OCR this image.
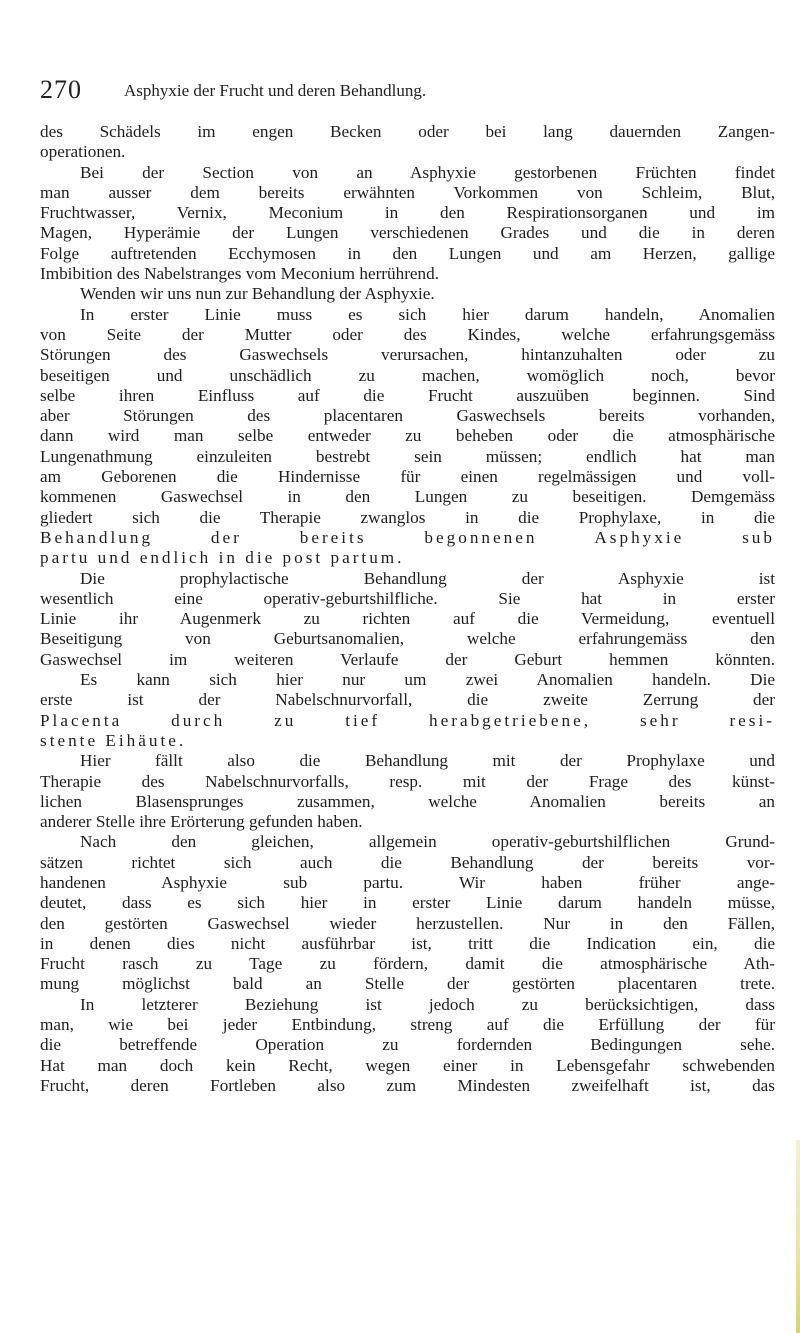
270 Asphyxie der Frucht und deren Behandlung.
des Schädels im engen Becken oder bei lang dauernden Zangen-
operationen.
Bei der Section von an Asphyxie gestorbenen Früchten findet
man ausser dem bereits erwähnten Vorkommen von Schleim, Blut,
Fruchtwasser, Vernix, Meconium in den Respirationsorganen und im
Magen, Hyperämie der Lungen verschiedenen Grades und die in deren
Folge auftretenden Ecchymosen in den Lungen und am Herzen, gallige
Imbibition des Nabelstranges vom Meconium herrührend.
Wenden wir uns nun zur Behandlung der Asphyxie.
In erster Linie muss es sich hier darum handeln, Anomalien
von Seite der Mutter oder des Kindes, welche erfahrungsgemäss
Störungen des Gaswechsels verursachen, hintanzuhalten oder zu
beseitigen und unschädlich zu machen, womöglich noch, bevor
selbe ihren Einfluss auf die Frucht auszuüben beginnen. Sind
aber Störungen des placentaren Gaswechsels bereits vorhanden,
dann wird man selbe entweder zu beheben oder die atmosphärische
Lungenathmung einzuleiten bestrebt sein müssen; endlich hat man
am Geborenen die Hindernisse für einen regelmässigen und voll-
kommenen Gaswechsel in den Lungen zu beseitigen. Demgemäss
gliedert sich die Therapie zwanglos in die Prophylaxe, in die
Behandlung der bereits begonnenen Asphyxie sub
partu und endlich in die post partum.
Die prophylactische Behandlung der Asphyxie ist
wesentlich eine operativ-geburtshilfliche. Sie hat in erster
Linie ihr Augenmerk zu richten auf die Vermeidung, eventuell
Beseitigung von Geburtsanomalien, welche erfahrungemäss den
Gaswechsel im weiteren Verlaufe der Geburt hemmen könnten.
Es kann sich hier nur um zwei Anomalien handeln. Die
erste ist der Nabelschnurvorfall, die zweite Zerrung der
Placenta durch zu tief herabgetriebene, sehr resi-
stente Eihäute.
Hier fällt also die Behandlung mit der Prophylaxe und
Therapie des Nabelschnurvorfalls, resp. mit der Frage des künst-
lichen Blasensprunges zusammen, welche Anomalien bereits an
anderer Stelle ihre Erörterung gefunden haben.
Nach den gleichen, allgemein operativ-geburtshilflichen Grund-
sätzen richtet sich auch die Behandlung der bereits vor-
handenen Asphyxie sub partu. Wir haben früher ange-
deutet, dass es sich hier in erster Linie darum handeln müsse,
den gestörten Gaswechsel wieder herzustellen. Nur in den Fällen,
in denen dies nicht ausführbar ist, tritt die Indication ein, die
Frucht rasch zu Tage zu fördern, damit die atmosphärische Ath-
mung möglichst bald an Stelle der gestörten placentaren trete.
In letzterer Beziehung ist jedoch zu berücksichtigen, dass
man, wie bei jeder Entbindung, streng auf die Erfüllung der für
die betreffende Operation zu fordernden Bedingungen sehe.
Hat man doch kein Recht, wegen einer in Lebensgefahr schwebenden
Frucht, deren Fortleben also zum Mindesten zweifelhaft ist, das
